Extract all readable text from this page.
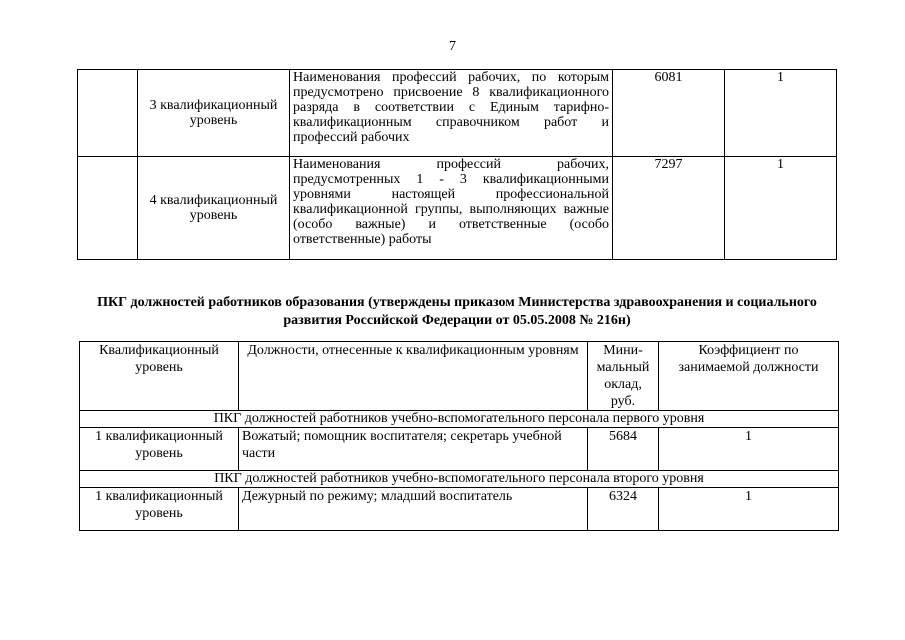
7
	3 квалификационный уровень	Наименования профессий рабочих, по которым предусмотрено присвоение 8 квалификационного разряда в соответствии с Единым тарифно-квалификационным справочником работ и профессий рабочих	6081	1
	4 квалификационный уровень	Наименования профессий рабочих, предусмотренных 1 - 3 квалификационными уровнями настоящей профессиональной квалификационной группы, выполняющих важные (особо важные) и ответственные (особо ответственные) работы	7297	1
ПКГ должностей работников образования (утверждены приказом Министерства здравоохранения и социального развития Российской Федерации от 05.05.2008 № 216н)
Квалификационный уровень	Должности, отнесенные к квалификационным уровням	Мини-мальный оклад, руб.	Коэффициент по занимаемой должности
ПКГ должностей работников учебно-вспомогательного персонала первого уровня			
1 квалификационный уровень	Вожатый; помощник воспитателя; секретарь учебной части	5684	1
ПКГ должностей работников учебно-вспомогательного персонала второго уровня			
1 квалификационный уровень	Дежурный по режиму; младший воспитатель	6324	1
